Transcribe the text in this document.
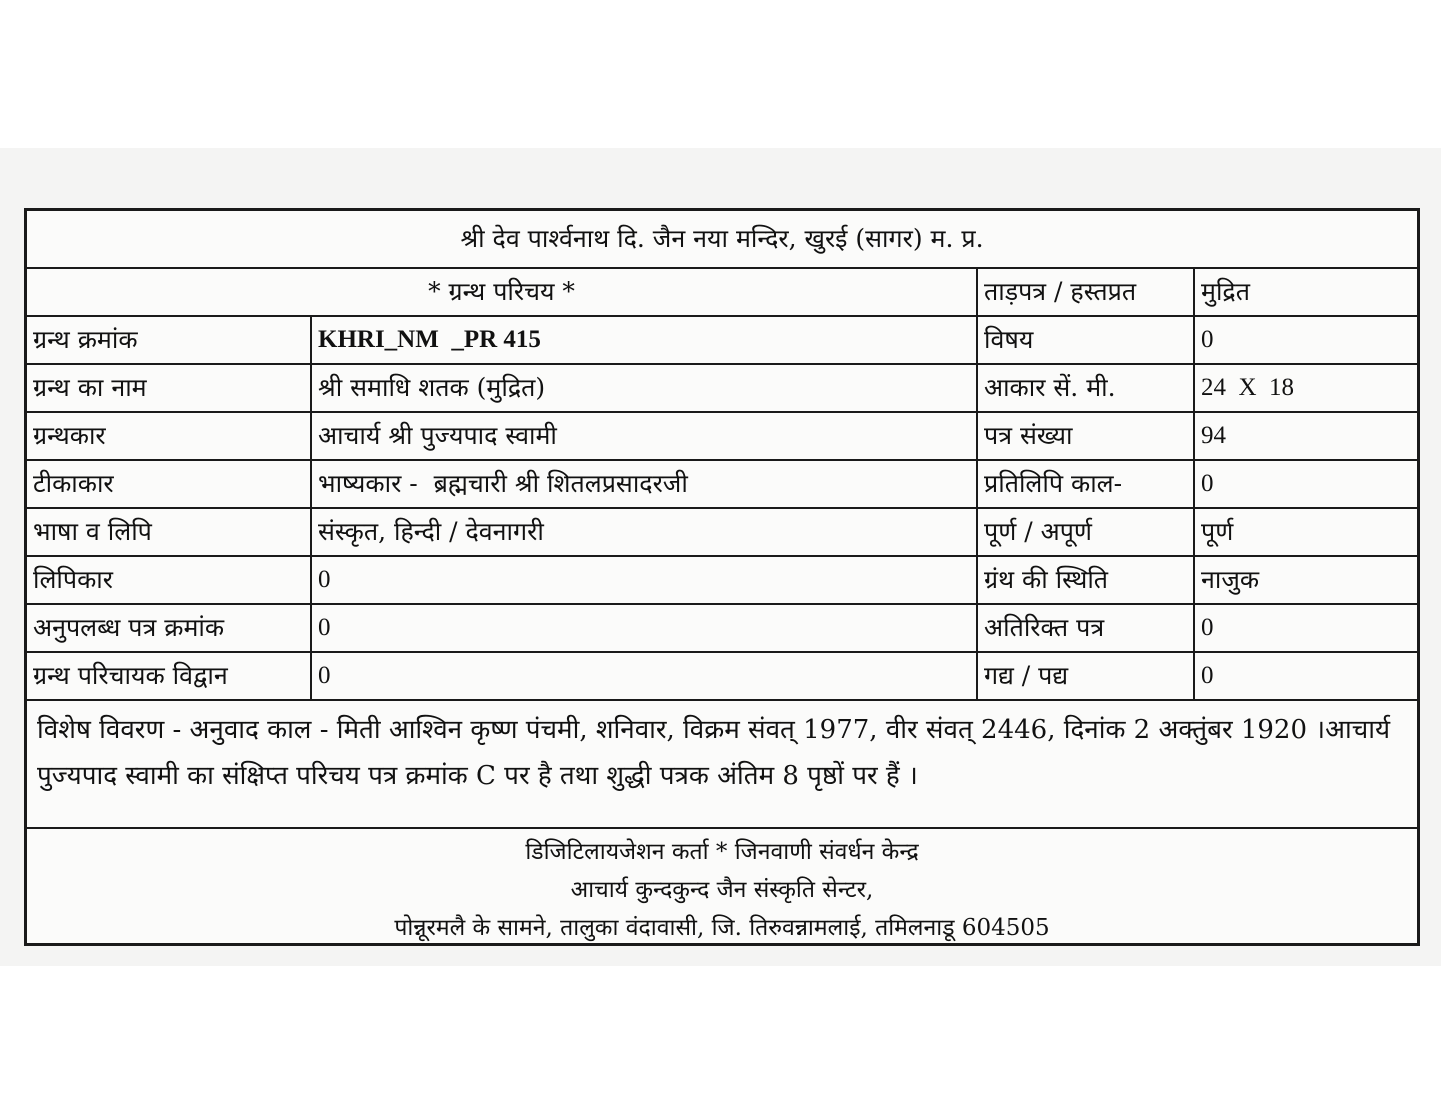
श्री देव पार्श्वनाथ दि. जैन नया मन्दिर, खुरई (सागर) म. प्र.			
* ग्रन्थ परिचय *		ताड़पत्र / हस्तप्रत	मुद्रित
ग्रन्थ क्रमांक	KHRI_NM  _PR 415	विषय	0
ग्रन्थ का नाम	श्री समाधि शतक (मुद्रित)	आकार सें. मी.	24  X  18
ग्रन्थकार	आचार्य श्री पुज्यपाद स्वामी	पत्र संख्या	94
टीकाकार	भाष्यकार -  ब्रह्मचारी श्री शितलप्रसादरजी	प्रतिलिपि काल-	0
भाषा व लिपि	संस्कृत, हिन्दी / देवनागरी	पूर्ण / अपूर्ण	पूर्ण
लिपिकार	0	ग्रंथ की स्थिति	नाजुक
अनुपलब्ध पत्र क्रमांक	0	अतिरिक्त पत्र	0
ग्रन्थ परिचायक विद्वान	0	गद्य / पद्य	0
विशेष विवरण - अनुवाद काल - मिती आश्विन कृष्ण पंचमी, शनिवार, विक्रम संवत् 1977, वीर संवत् 2446, दिनांक 2 अक्तुंबर 1920 ।आचार्य पुज्यपाद स्वामी का संक्षिप्त परिचय पत्र क्रमांक C पर है तथा शुद्धी पत्रक अंतिम 8 पृष्ठों पर हैं ।
डिजिटिलायजेशन कर्ता * जिनवाणी संवर्धन केन्द्र
आचार्य कुन्दकुन्द जैन संस्कृति सेन्टर,
पोन्नूरमलै के सामने, तालुका वंदावासी, जि. तिरुवन्नामलाई, तमिलनाडू 604505
